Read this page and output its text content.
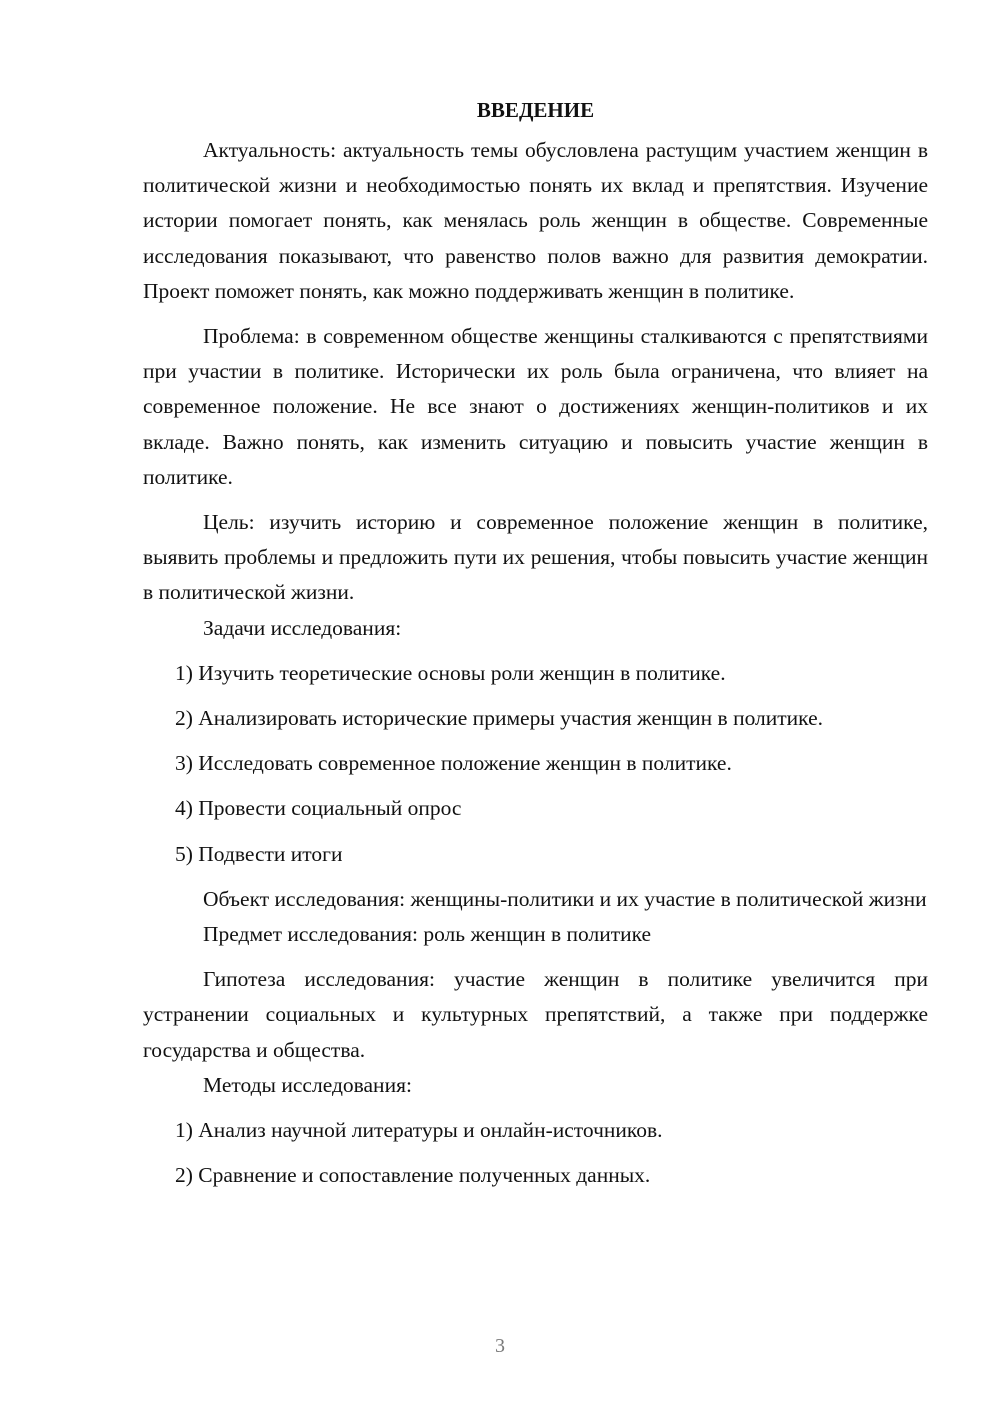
ВВЕДЕНИЕ

Актуальность: актуальность темы обусловлена растущим участием женщин в политической жизни и необходимостью понять их вклад и препятствия. Изучение истории помогает понять, как менялась роль женщин в обществе. Современные исследования показывают, что равенство полов важно для развития демократии. Проект поможет понять, как можно поддерживать женщин в политике.

Проблема: в современном обществе женщины сталкиваются с препятствиями при участии в политике. Исторически их роль была ограничена, что влияет на современное положение. Не все знают о достижениях женщин-политиков и их вкладе. Важно понять, как изменить ситуацию и повысить участие женщин в политике.

Цель: изучить историю и современное положение женщин в политике, выявить проблемы и предложить пути их решения, чтобы повысить участие женщин в политической жизни.

Задачи исследования:
1) Изучить теоретические основы роли женщин в политике.
2) Анализировать исторические примеры участия женщин в политике.
3) Исследовать современное положение женщин в политике.
4) Провести социальный опрос
5) Подвести итоги

Объект исследования: женщины-политики и их участие в политической жизни

Предмет исследования: роль женщин в политике

Гипотеза исследования: участие женщин в политике увеличится при устранении социальных и культурных препятствий, а также при поддержке государства и общества.

Методы исследования:
1) Анализ научной литературы и онлайн-источников.
2) Сравнение и сопоставление полученных данных.
3
